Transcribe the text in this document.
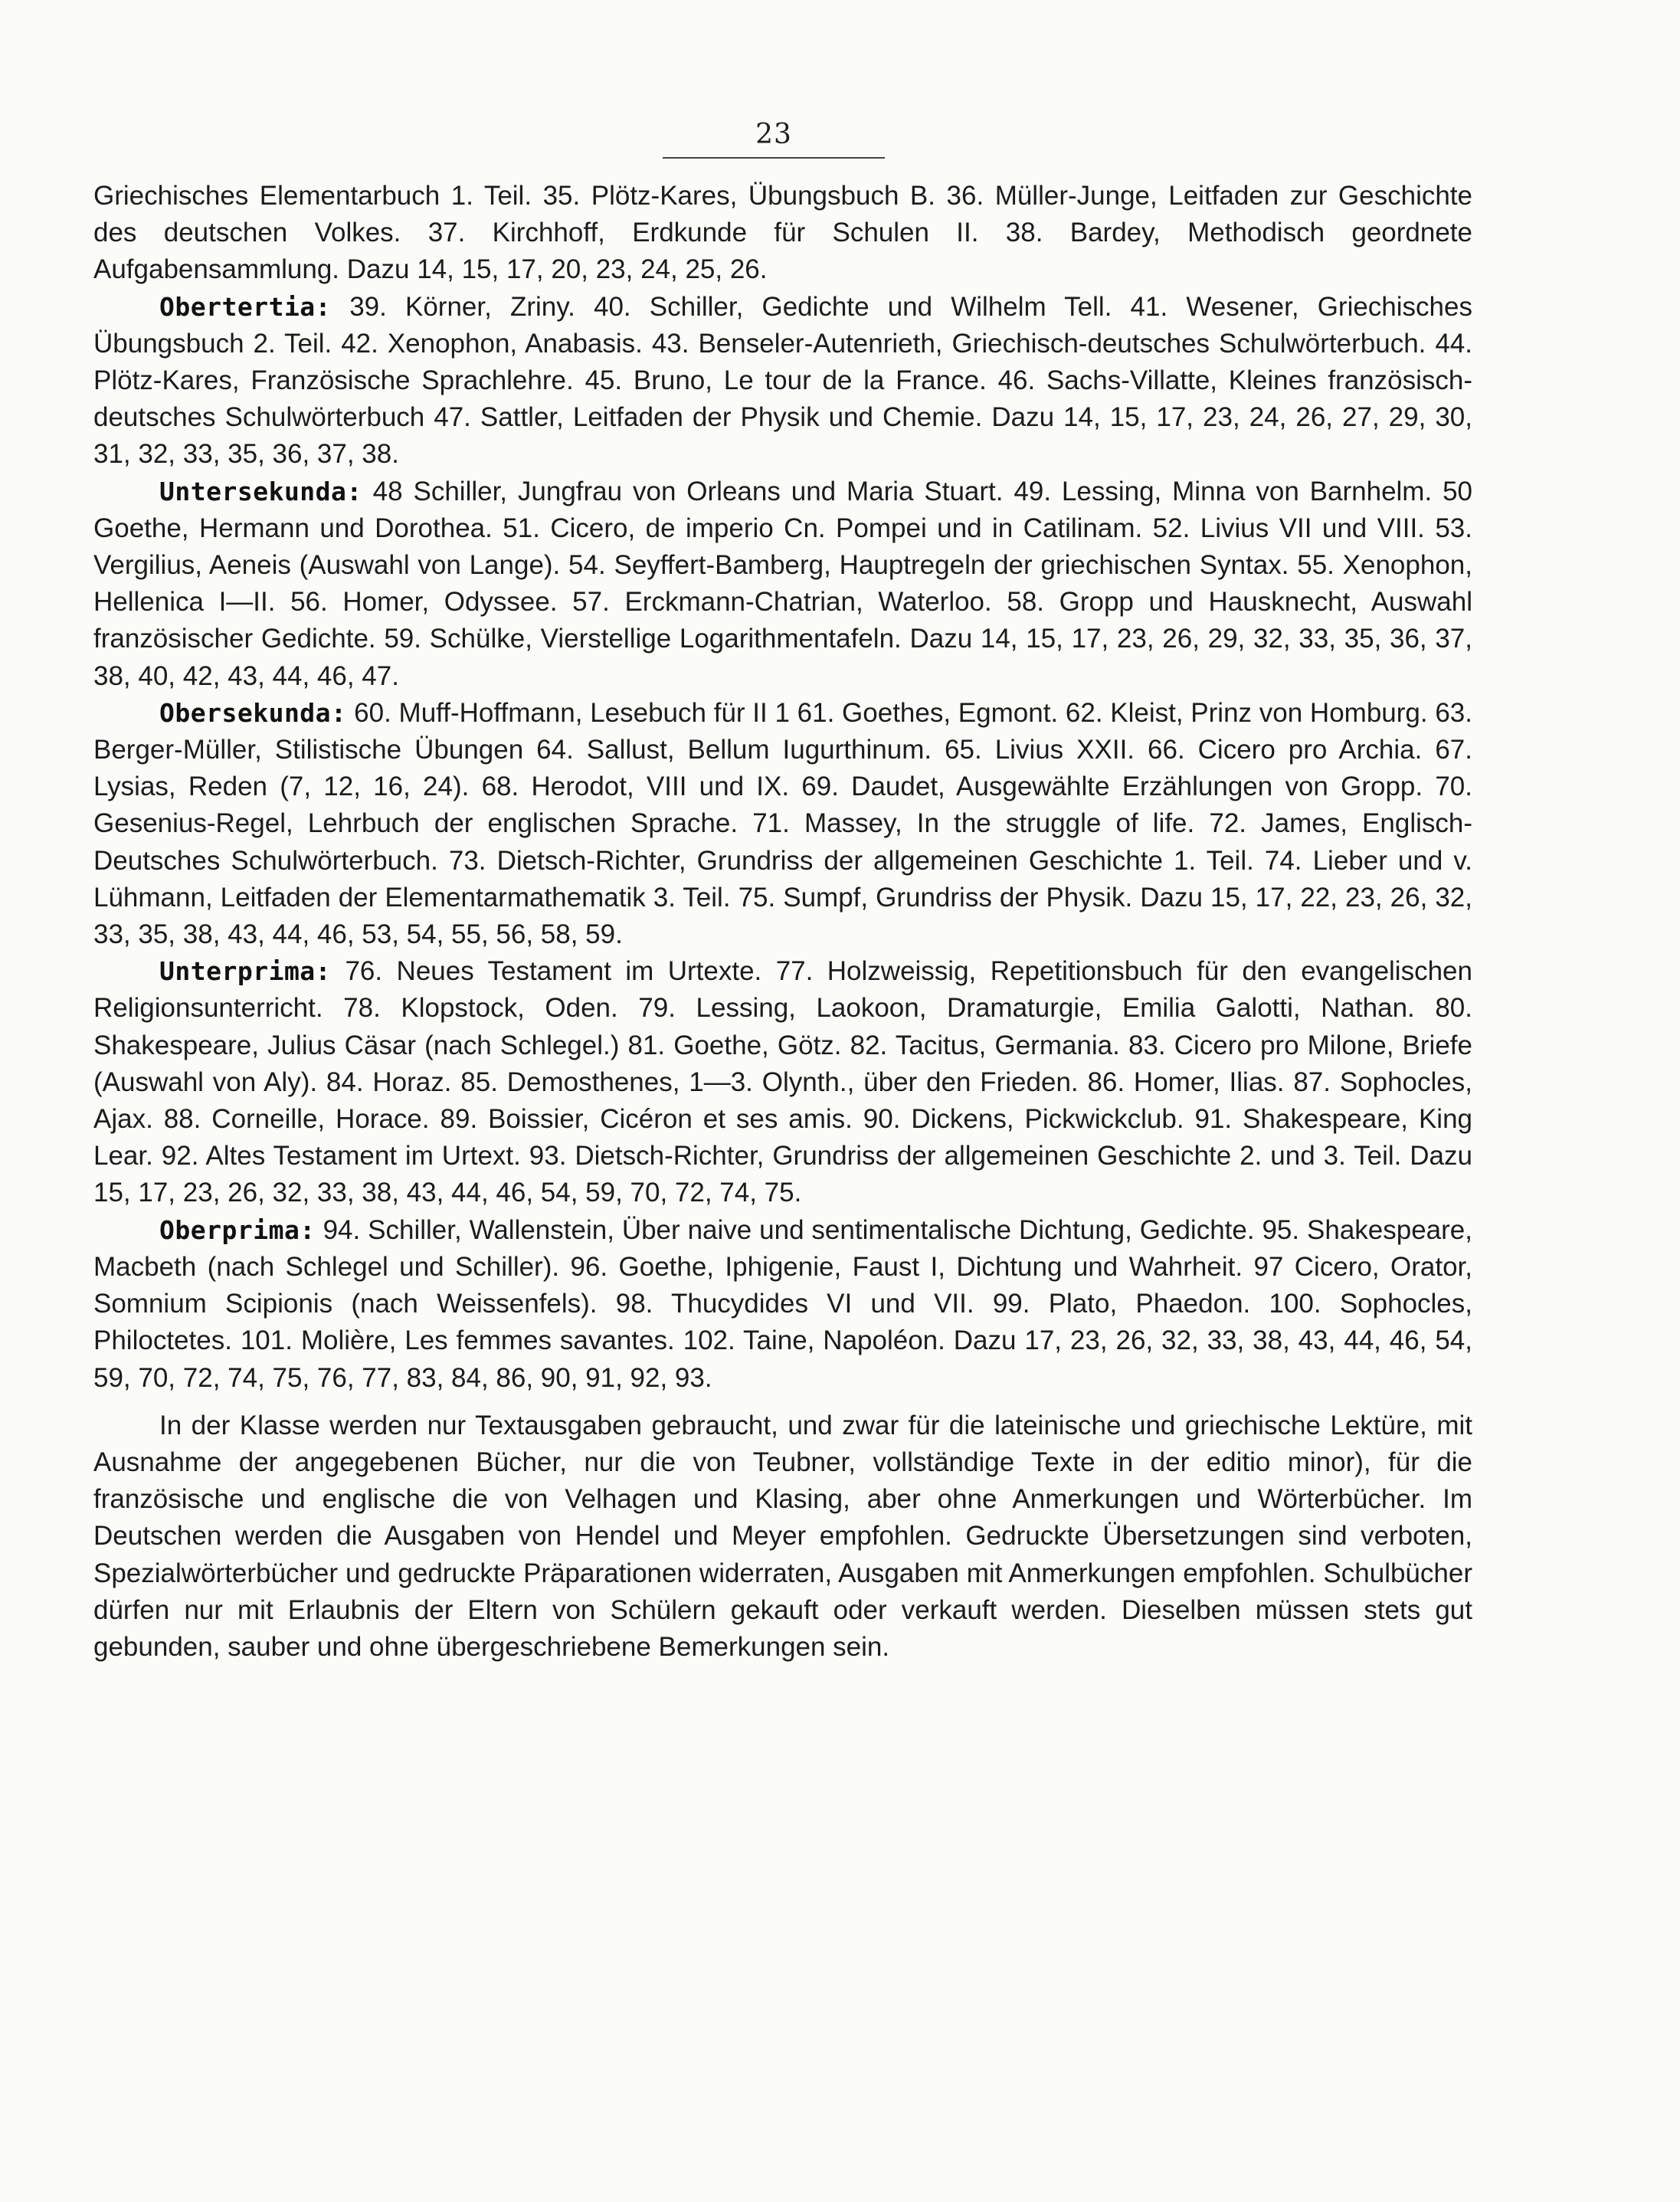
23

Griechisches Elementarbuch 1. Teil. 35. Plötz-Kares, Übungsbuch B. 36. Müller-Junge, Leitfaden zur Geschichte des deutschen Volkes. 37. Kirchhoff, Erdkunde für Schulen II. 38. Bardey, Methodisch geordnete Aufgabensammlung. Dazu 14, 15, 17, 20, 23, 24, 25, 26.

Obertertia: 39. Körner, Zriny. 40. Schiller, Gedichte und Wilhelm Tell. 41. Wesener, Griechisches Übungsbuch 2. Teil. 42. Xenophon, Anabasis. 43. Benseler-Autenrieth, Griechisch-deutsches Schulwörterbuch. 44. Plötz-Kares, Französische Sprachlehre. 45. Bruno, Le tour de la France. 46. Sachs-Villatte, Kleines französisch-deutsches Schulwörterbuch 47. Sattler, Leitfaden der Physik und Chemie. Dazu 14, 15, 17, 23, 24, 26, 27, 29, 30, 31, 32, 33, 35, 36, 37, 38.

Untersekunda: 48 Schiller, Jungfrau von Orleans und Maria Stuart. 49. Lessing, Minna von Barnhelm. 50 Goethe, Hermann und Dorothea. 51. Cicero, de imperio Cn. Pompei und in Catilinam. 52. Livius VII und VIII. 53. Vergilius, Aeneis (Auswahl von Lange). 54. Seyffert-Bamberg, Hauptregeln der griechischen Syntax. 55. Xenophon, Hellenica I—II. 56. Homer, Odyssee. 57. Erckmann-Chatrian, Waterloo. 58. Gropp und Hausknecht, Auswahl französischer Gedichte. 59. Schülke, Vierstellige Logarithmentafeln. Dazu 14, 15, 17, 23, 26, 29, 32, 33, 35, 36, 37, 38, 40, 42, 43, 44, 46, 47.

Obersekunda: 60. Muff-Hoffmann, Lesebuch für II 1 61. Goethes, Egmont. 62. Kleist, Prinz von Homburg. 63. Berger-Müller, Stilistische Übungen 64. Sallust, Bellum Iugurthinum. 65. Livius XXII. 66. Cicero pro Archia. 67. Lysias, Reden (7, 12, 16, 24). 68. Herodot, VIII und IX. 69. Daudet, Ausgewählte Erzählungen von Gropp. 70. Gesenius-Regel, Lehrbuch der englischen Sprache. 71. Massey, In the struggle of life. 72. James, Englisch-Deutsches Schulwörterbuch. 73. Dietsch-Richter, Grundriss der allgemeinen Geschichte 1. Teil. 74. Lieber und v. Lühmann, Leitfaden der Elementarmathematik 3. Teil. 75. Sumpf, Grundriss der Physik. Dazu 15, 17, 22, 23, 26, 32, 33, 35, 38, 43, 44, 46, 53, 54, 55, 56, 58, 59.

Unterprima: 76. Neues Testament im Urtexte. 77. Holzweissig, Repetitionsbuch für den evangelischen Religionsunterricht. 78. Klopstock, Oden. 79. Lessing, Laokoon, Dramaturgie, Emilia Galotti, Nathan. 80. Shakespeare, Julius Cäsar (nach Schlegel.) 81. Goethe, Götz. 82. Tacitus, Germania. 83. Cicero pro Milone, Briefe (Auswahl von Aly). 84. Horaz. 85. Demosthenes, 1—3. Olynth., über den Frieden. 86. Homer, Ilias. 87. Sophocles, Ajax. 88. Corneille, Horace. 89. Boissier, Cicéron et ses amis. 90. Dickens, Pickwickclub. 91. Shakespeare, King Lear. 92. Altes Testament im Urtext. 93. Dietsch-Richter, Grundriss der allgemeinen Geschichte 2. und 3. Teil. Dazu 15, 17, 23, 26, 32, 33, 38, 43, 44, 46, 54, 59, 70, 72, 74, 75.

Oberprima: 94. Schiller, Wallenstein, Über naive und sentimentalische Dichtung, Gedichte. 95. Shakespeare, Macbeth (nach Schlegel und Schiller). 96. Goethe, Iphigenie, Faust I, Dichtung und Wahrheit. 97 Cicero, Orator, Somnium Scipionis (nach Weissenfels). 98. Thucydides VI und VII. 99. Plato, Phaedon. 100. Sophocles, Philoctetes. 101. Molière, Les femmes savantes. 102. Taine, Napoléon. Dazu 17, 23, 26, 32, 33, 38, 43, 44, 46, 54, 59, 70, 72, 74, 75, 76, 77, 83, 84, 86, 90, 91, 92, 93.

In der Klasse werden nur Textausgaben gebraucht, und zwar für die lateinische und griechische Lektüre, mit Ausnahme der angegebenen Bücher, nur die von Teubner, vollständige Texte in der editio minor), für die französische und englische die von Velhagen und Klasing, aber ohne Anmerkungen und Wörterbücher. Im Deutschen werden die Ausgaben von Hendel und Meyer empfohlen. Gedruckte Übersetzungen sind verboten, Spezialwörterbücher und gedruckte Präparationen widerraten, Ausgaben mit Anmerkungen empfohlen. Schulbücher dürfen nur mit Erlaubnis der Eltern von Schülern gekauft oder verkauft werden. Dieselben müssen stets gut gebunden, sauber und ohne übergeschriebene Bemerkungen sein.
